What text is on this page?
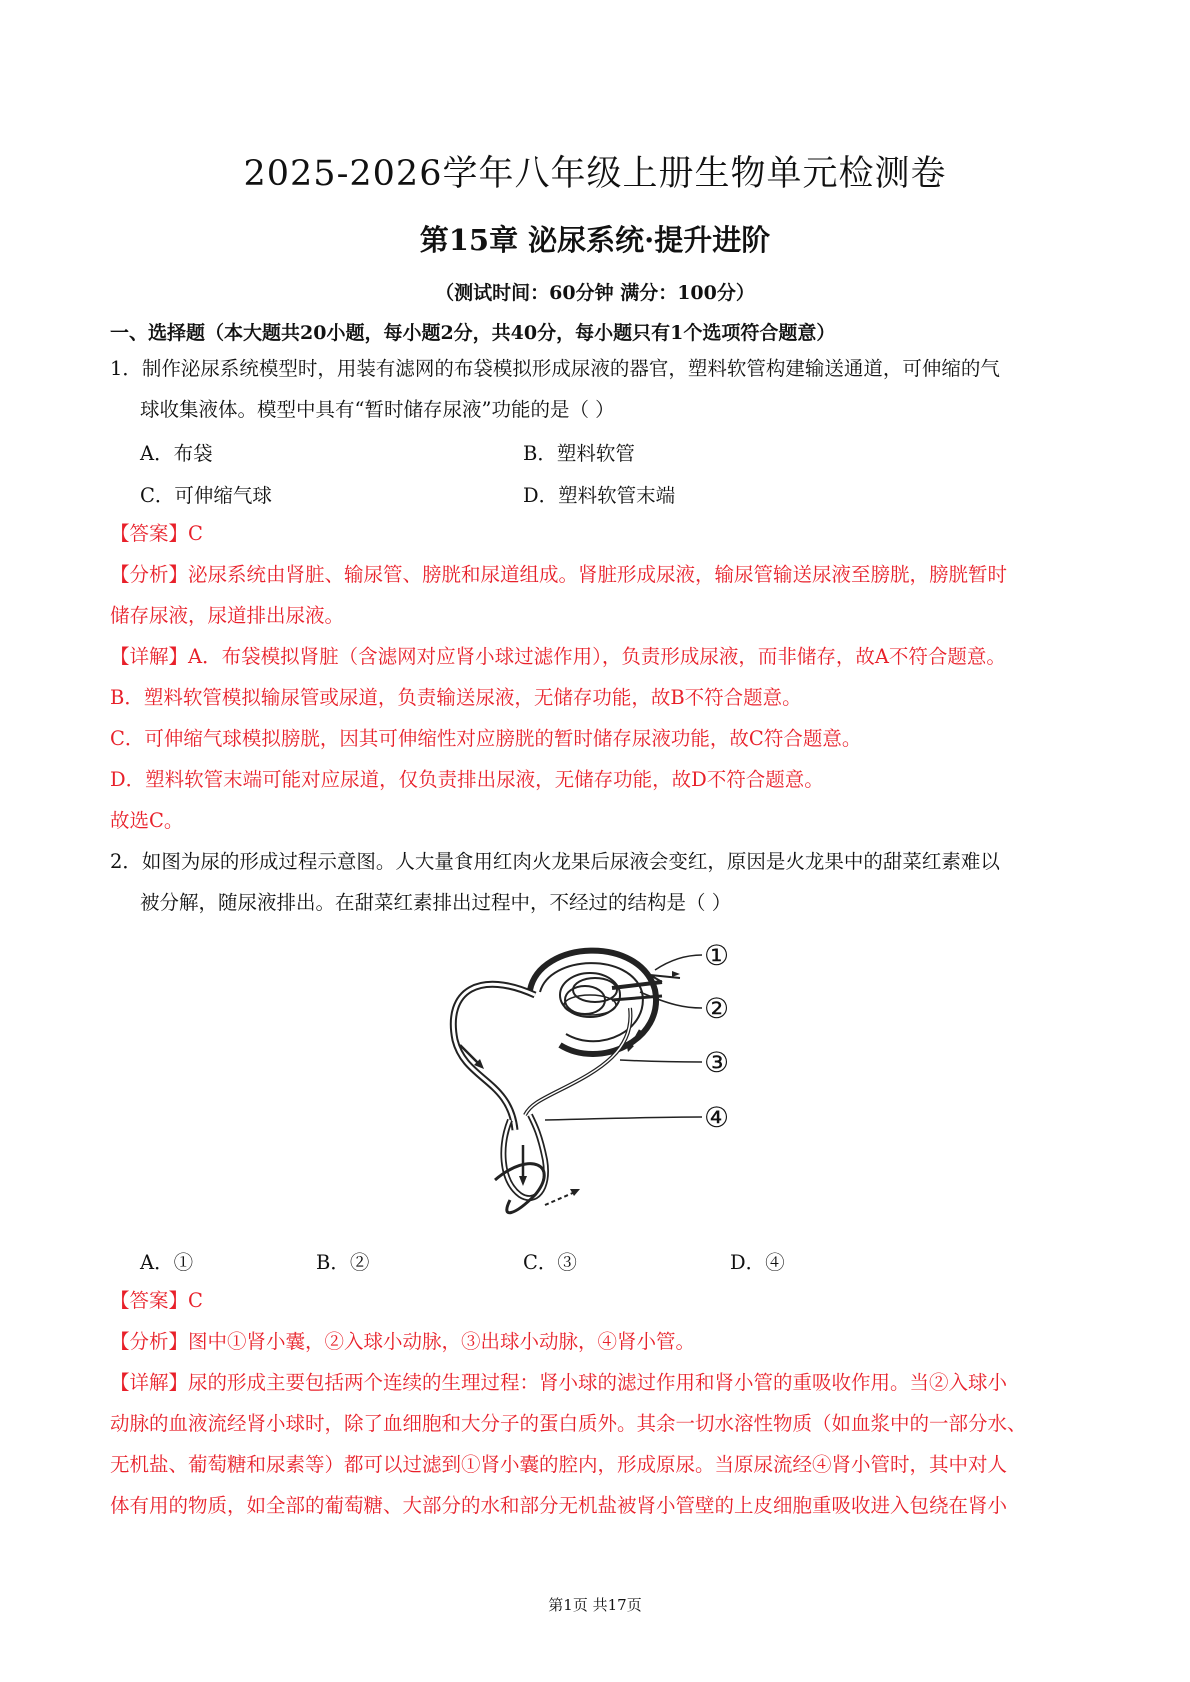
2025-2026学年八年级上册生物单元检测卷
第15章 泌尿系统·提升进阶
（测试时间：60分钟 满分：100分）
一、选择题（本大题共20小题，每小题2分，共40分，每小题只有1个选项符合题意）
1．制作泌尿系统模型时，用装有滤网的布袋模拟形成尿液的器官，塑料软管构建输送通道，可伸缩的气
球收集液体。模型中具有“暂时储存尿液”功能的是（ ）
A．布袋	B．塑料软管
C．可伸缩气球	D．塑料软管末端
【答案】C
【分析】泌尿系统由肾脏、输尿管、膀胱和尿道组成。肾脏形成尿液，输尿管输送尿液至膀胱，膀胱暂时
储存尿液，尿道排出尿液。
【详解】A．布袋模拟肾脏（含滤网对应肾小球过滤作用），负责形成尿液，而非储存，故A不符合题意。
B．塑料软管模拟输尿管或尿道，负责输送尿液，无储存功能，故B不符合题意。
C．可伸缩气球模拟膀胱，因其可伸缩性对应膀胱的暂时储存尿液功能，故C符合题意。
D．塑料软管末端可能对应尿道，仅负责排出尿液，无储存功能，故D不符合题意。
故选C。
2．如图为尿的形成过程示意图。人大量食用红肉火龙果后尿液会变红，原因是火龙果中的甜菜红素难以
被分解，随尿液排出。在甜菜红素排出过程中，不经过的结构是（ ）
①
②
③
④
A．①	B．②	C．③	D．④
【答案】C
【分析】图中①肾小囊，②入球小动脉，③出球小动脉，④肾小管。
【详解】尿的形成主要包括两个连续的生理过程：肾小球的滤过作用和肾小管的重吸收作用。当②入球小
动脉的血液流经肾小球时，除了血细胞和大分子的蛋白质外。其余一切水溶性物质（如血浆中的一部分水、
无机盐、葡萄糖和尿素等）都可以过滤到①肾小囊的腔内，形成原尿。当原尿流经④肾小管时，其中对人
体有用的物质，如全部的葡萄糖、大部分的水和部分无机盐被肾小管壁的上皮细胞重吸收进入包绕在肾小
第1页 共17页
